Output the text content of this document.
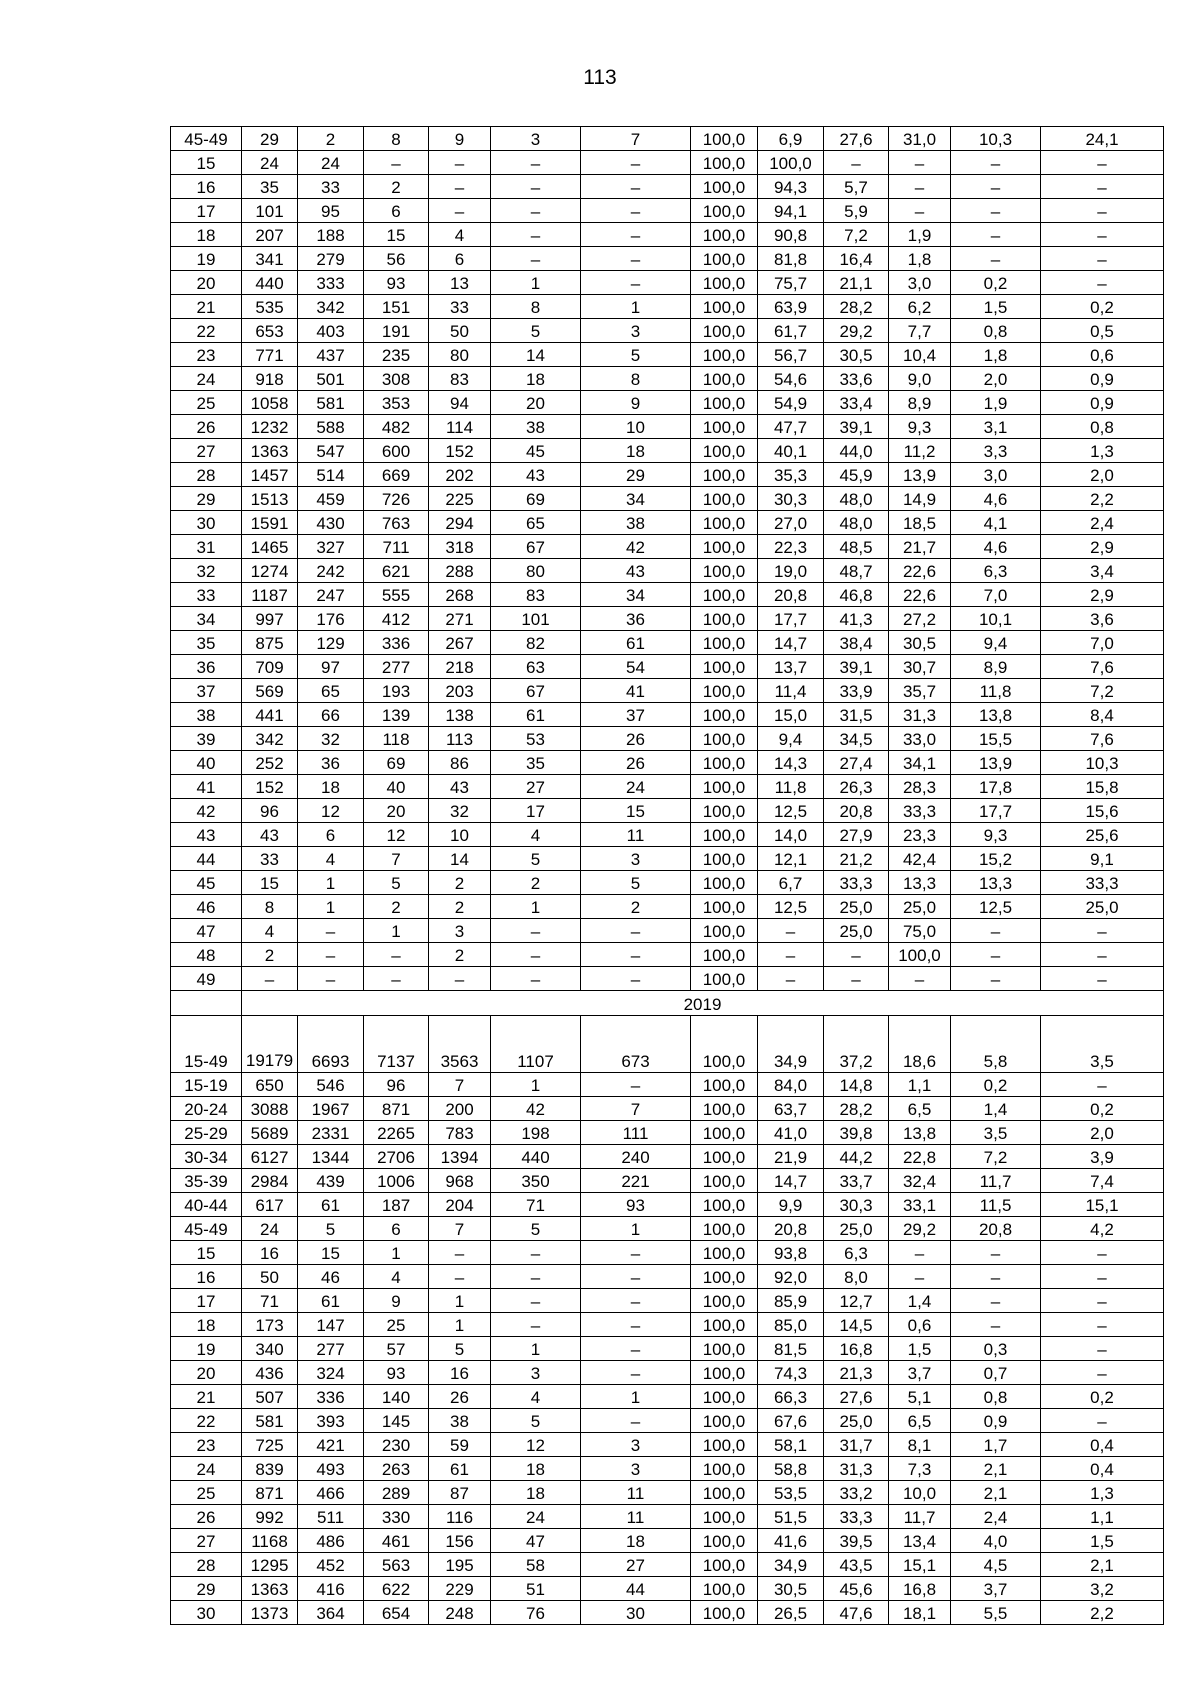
113
45-49	29	2	8	9	3	7	100,0	6,9	27,6	31,0	10,3	24,1
15	24	24	–	–	–	–	100,0	100,0	–	–	–	–
16	35	33	2	–	–	–	100,0	94,3	5,7	–	–	–
17	101	95	6	–	–	–	100,0	94,1	5,9	–	–	–
18	207	188	15	4	–	–	100,0	90,8	7,2	1,9	–	–
19	341	279	56	6	–	–	100,0	81,8	16,4	1,8	–	–
20	440	333	93	13	1	–	100,0	75,7	21,1	3,0	0,2	–
21	535	342	151	33	8	1	100,0	63,9	28,2	6,2	1,5	0,2
22	653	403	191	50	5	3	100,0	61,7	29,2	7,7	0,8	0,5
23	771	437	235	80	14	5	100,0	56,7	30,5	10,4	1,8	0,6
24	918	501	308	83	18	8	100,0	54,6	33,6	9,0	2,0	0,9
25	1058	581	353	94	20	9	100,0	54,9	33,4	8,9	1,9	0,9
26	1232	588	482	114	38	10	100,0	47,7	39,1	9,3	3,1	0,8
27	1363	547	600	152	45	18	100,0	40,1	44,0	11,2	3,3	1,3
28	1457	514	669	202	43	29	100,0	35,3	45,9	13,9	3,0	2,0
29	1513	459	726	225	69	34	100,0	30,3	48,0	14,9	4,6	2,2
30	1591	430	763	294	65	38	100,0	27,0	48,0	18,5	4,1	2,4
31	1465	327	711	318	67	42	100,0	22,3	48,5	21,7	4,6	2,9
32	1274	242	621	288	80	43	100,0	19,0	48,7	22,6	6,3	3,4
33	1187	247	555	268	83	34	100,0	20,8	46,8	22,6	7,0	2,9
34	997	176	412	271	101	36	100,0	17,7	41,3	27,2	10,1	3,6
35	875	129	336	267	82	61	100,0	14,7	38,4	30,5	9,4	7,0
36	709	97	277	218	63	54	100,0	13,7	39,1	30,7	8,9	7,6
37	569	65	193	203	67	41	100,0	11,4	33,9	35,7	11,8	7,2
38	441	66	139	138	61	37	100,0	15,0	31,5	31,3	13,8	8,4
39	342	32	118	113	53	26	100,0	9,4	34,5	33,0	15,5	7,6
40	252	36	69	86	35	26	100,0	14,3	27,4	34,1	13,9	10,3
41	152	18	40	43	27	24	100,0	11,8	26,3	28,3	17,8	15,8
42	96	12	20	32	17	15	100,0	12,5	20,8	33,3	17,7	15,6
43	43	6	12	10	4	11	100,0	14,0	27,9	23,3	9,3	25,6
44	33	4	7	14	5	3	100,0	12,1	21,2	42,4	15,2	9,1
45	15	1	5	2	2	5	100,0	6,7	33,3	13,3	13,3	33,3
46	8	1	2	2	1	2	100,0	12,5	25,0	25,0	12,5	25,0
47	4	–	1	3	–	–	100,0	–	25,0	75,0	–	–
48	2	–	–	2	–	–	100,0	–	–	100,0	–	–
49	–	–	–	–	–	–	100,0	–	–	–	–	–
	2019											
15-49	19179	6693	7137	3563	1107	673	100,0	34,9	37,2	18,6	5,8	3,5
15-19	650	546	96	7	1	–	100,0	84,0	14,8	1,1	0,2	–
20-24	3088	1967	871	200	42	7	100,0	63,7	28,2	6,5	1,4	0,2
25-29	5689	2331	2265	783	198	111	100,0	41,0	39,8	13,8	3,5	2,0
30-34	6127	1344	2706	1394	440	240	100,0	21,9	44,2	22,8	7,2	3,9
35-39	2984	439	1006	968	350	221	100,0	14,7	33,7	32,4	11,7	7,4
40-44	617	61	187	204	71	93	100,0	9,9	30,3	33,1	11,5	15,1
45-49	24	5	6	7	5	1	100,0	20,8	25,0	29,2	20,8	4,2
15	16	15	1	–	–	–	100,0	93,8	6,3	–	–	–
16	50	46	4	–	–	–	100,0	92,0	8,0	–	–	–
17	71	61	9	1	–	–	100,0	85,9	12,7	1,4	–	–
18	173	147	25	1	–	–	100,0	85,0	14,5	0,6	–	–
19	340	277	57	5	1	–	100,0	81,5	16,8	1,5	0,3	–
20	436	324	93	16	3	–	100,0	74,3	21,3	3,7	0,7	–
21	507	336	140	26	4	1	100,0	66,3	27,6	5,1	0,8	0,2
22	581	393	145	38	5	–	100,0	67,6	25,0	6,5	0,9	–
23	725	421	230	59	12	3	100,0	58,1	31,7	8,1	1,7	0,4
24	839	493	263	61	18	3	100,0	58,8	31,3	7,3	2,1	0,4
25	871	466	289	87	18	11	100,0	53,5	33,2	10,0	2,1	1,3
26	992	511	330	116	24	11	100,0	51,5	33,3	11,7	2,4	1,1
27	1168	486	461	156	47	18	100,0	41,6	39,5	13,4	4,0	1,5
28	1295	452	563	195	58	27	100,0	34,9	43,5	15,1	4,5	2,1
29	1363	416	622	229	51	44	100,0	30,5	45,6	16,8	3,7	3,2
30	1373	364	654	248	76	30	100,0	26,5	47,6	18,1	5,5	2,2
